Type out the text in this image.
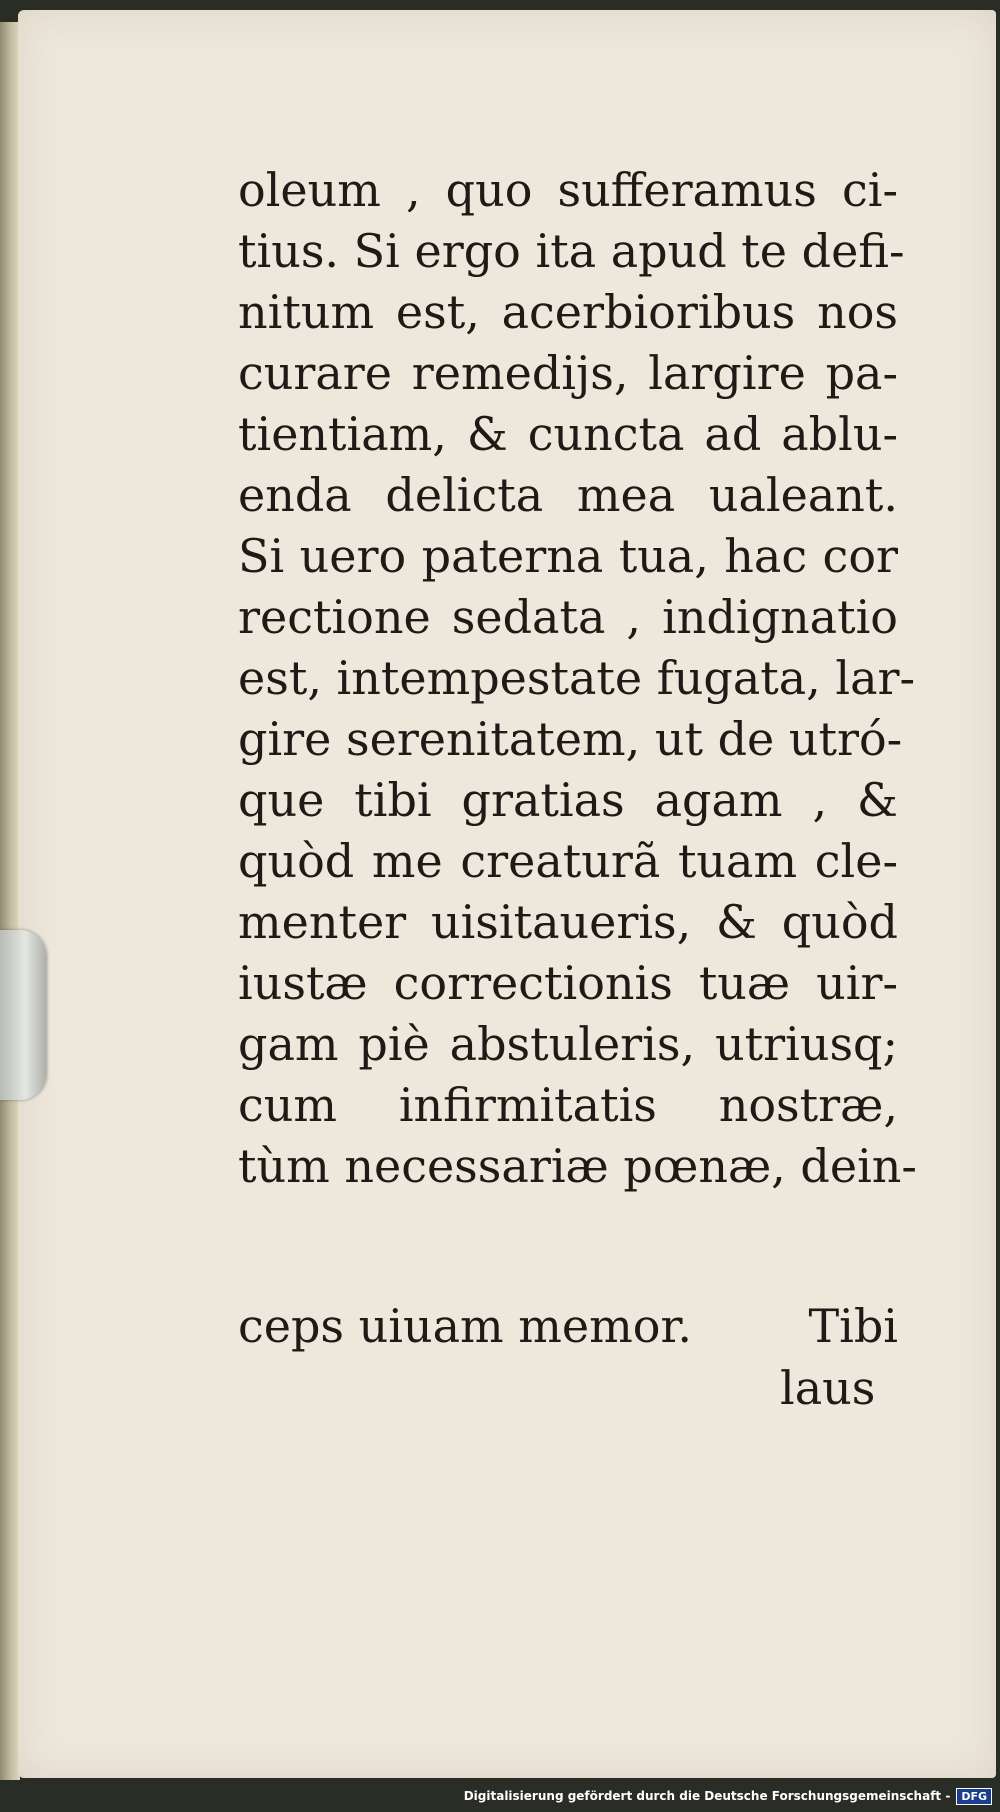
oleum , quo sufferamus ci-
tius. Si ergo ita apud te defi-
nitum est, acerbioribus nos
curare remedijs, largire pa-
tientiam, & cuncta ad ablu-
enda delicta mea ualeant.
Si uero paterna tua, hac cor
rectione sedata , indignatio
est, intempestate fugata, lar-
gire serenitatem, ut de utró-
que tibi gratias agam , &
quòd me creaturã tuam cle-
menter uisitaueris, & quòd
iustæ correctionis tuæ uir-
gam piè abstuleris, utriusq;
cum infirmitatis nostræ,
tùm necessariæ pœnæ, dein-
ceps uiuam memor.	Tibi
laus
Digitalisierung gefördert durch die Deutsche Forschungsgemeinschaft -	DFG
